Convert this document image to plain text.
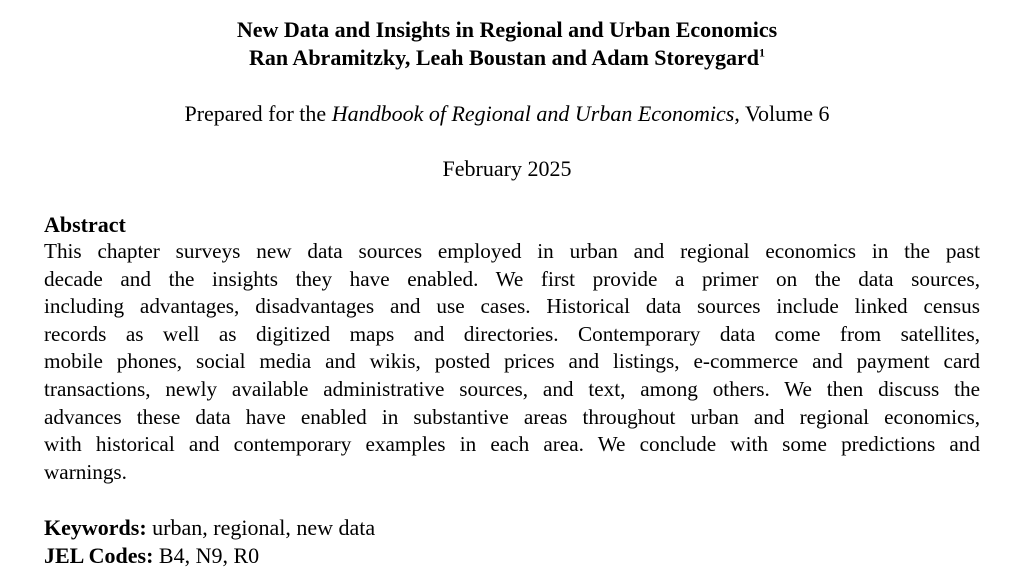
New Data and Insights in Regional and Urban Economics
Ran Abramitzky, Leah Boustan and Adam Storeygard$^1$
Prepared for the Handbook of Regional and Urban Economics, Volume 6
February 2025
Abstract
This chapter surveys new data sources employed in urban and regional economics in the past
decade and the insights they have enabled. We first provide a primer on the data sources,
including advantages, disadvantages and use cases. Historical data sources include linked census
records as well as digitized maps and directories. Contemporary data come from satellites,
mobile phones, social media and wikis, posted prices and listings, e-commerce and payment card
transactions, newly available administrative sources, and text, among others. We then discuss the
advances these data have enabled in substantive areas throughout urban and regional economics,
with historical and contemporary examples in each area. We conclude with some predictions and
warnings.
Keywords: urban, regional, new data
JEL Codes: B4, N9, R0
